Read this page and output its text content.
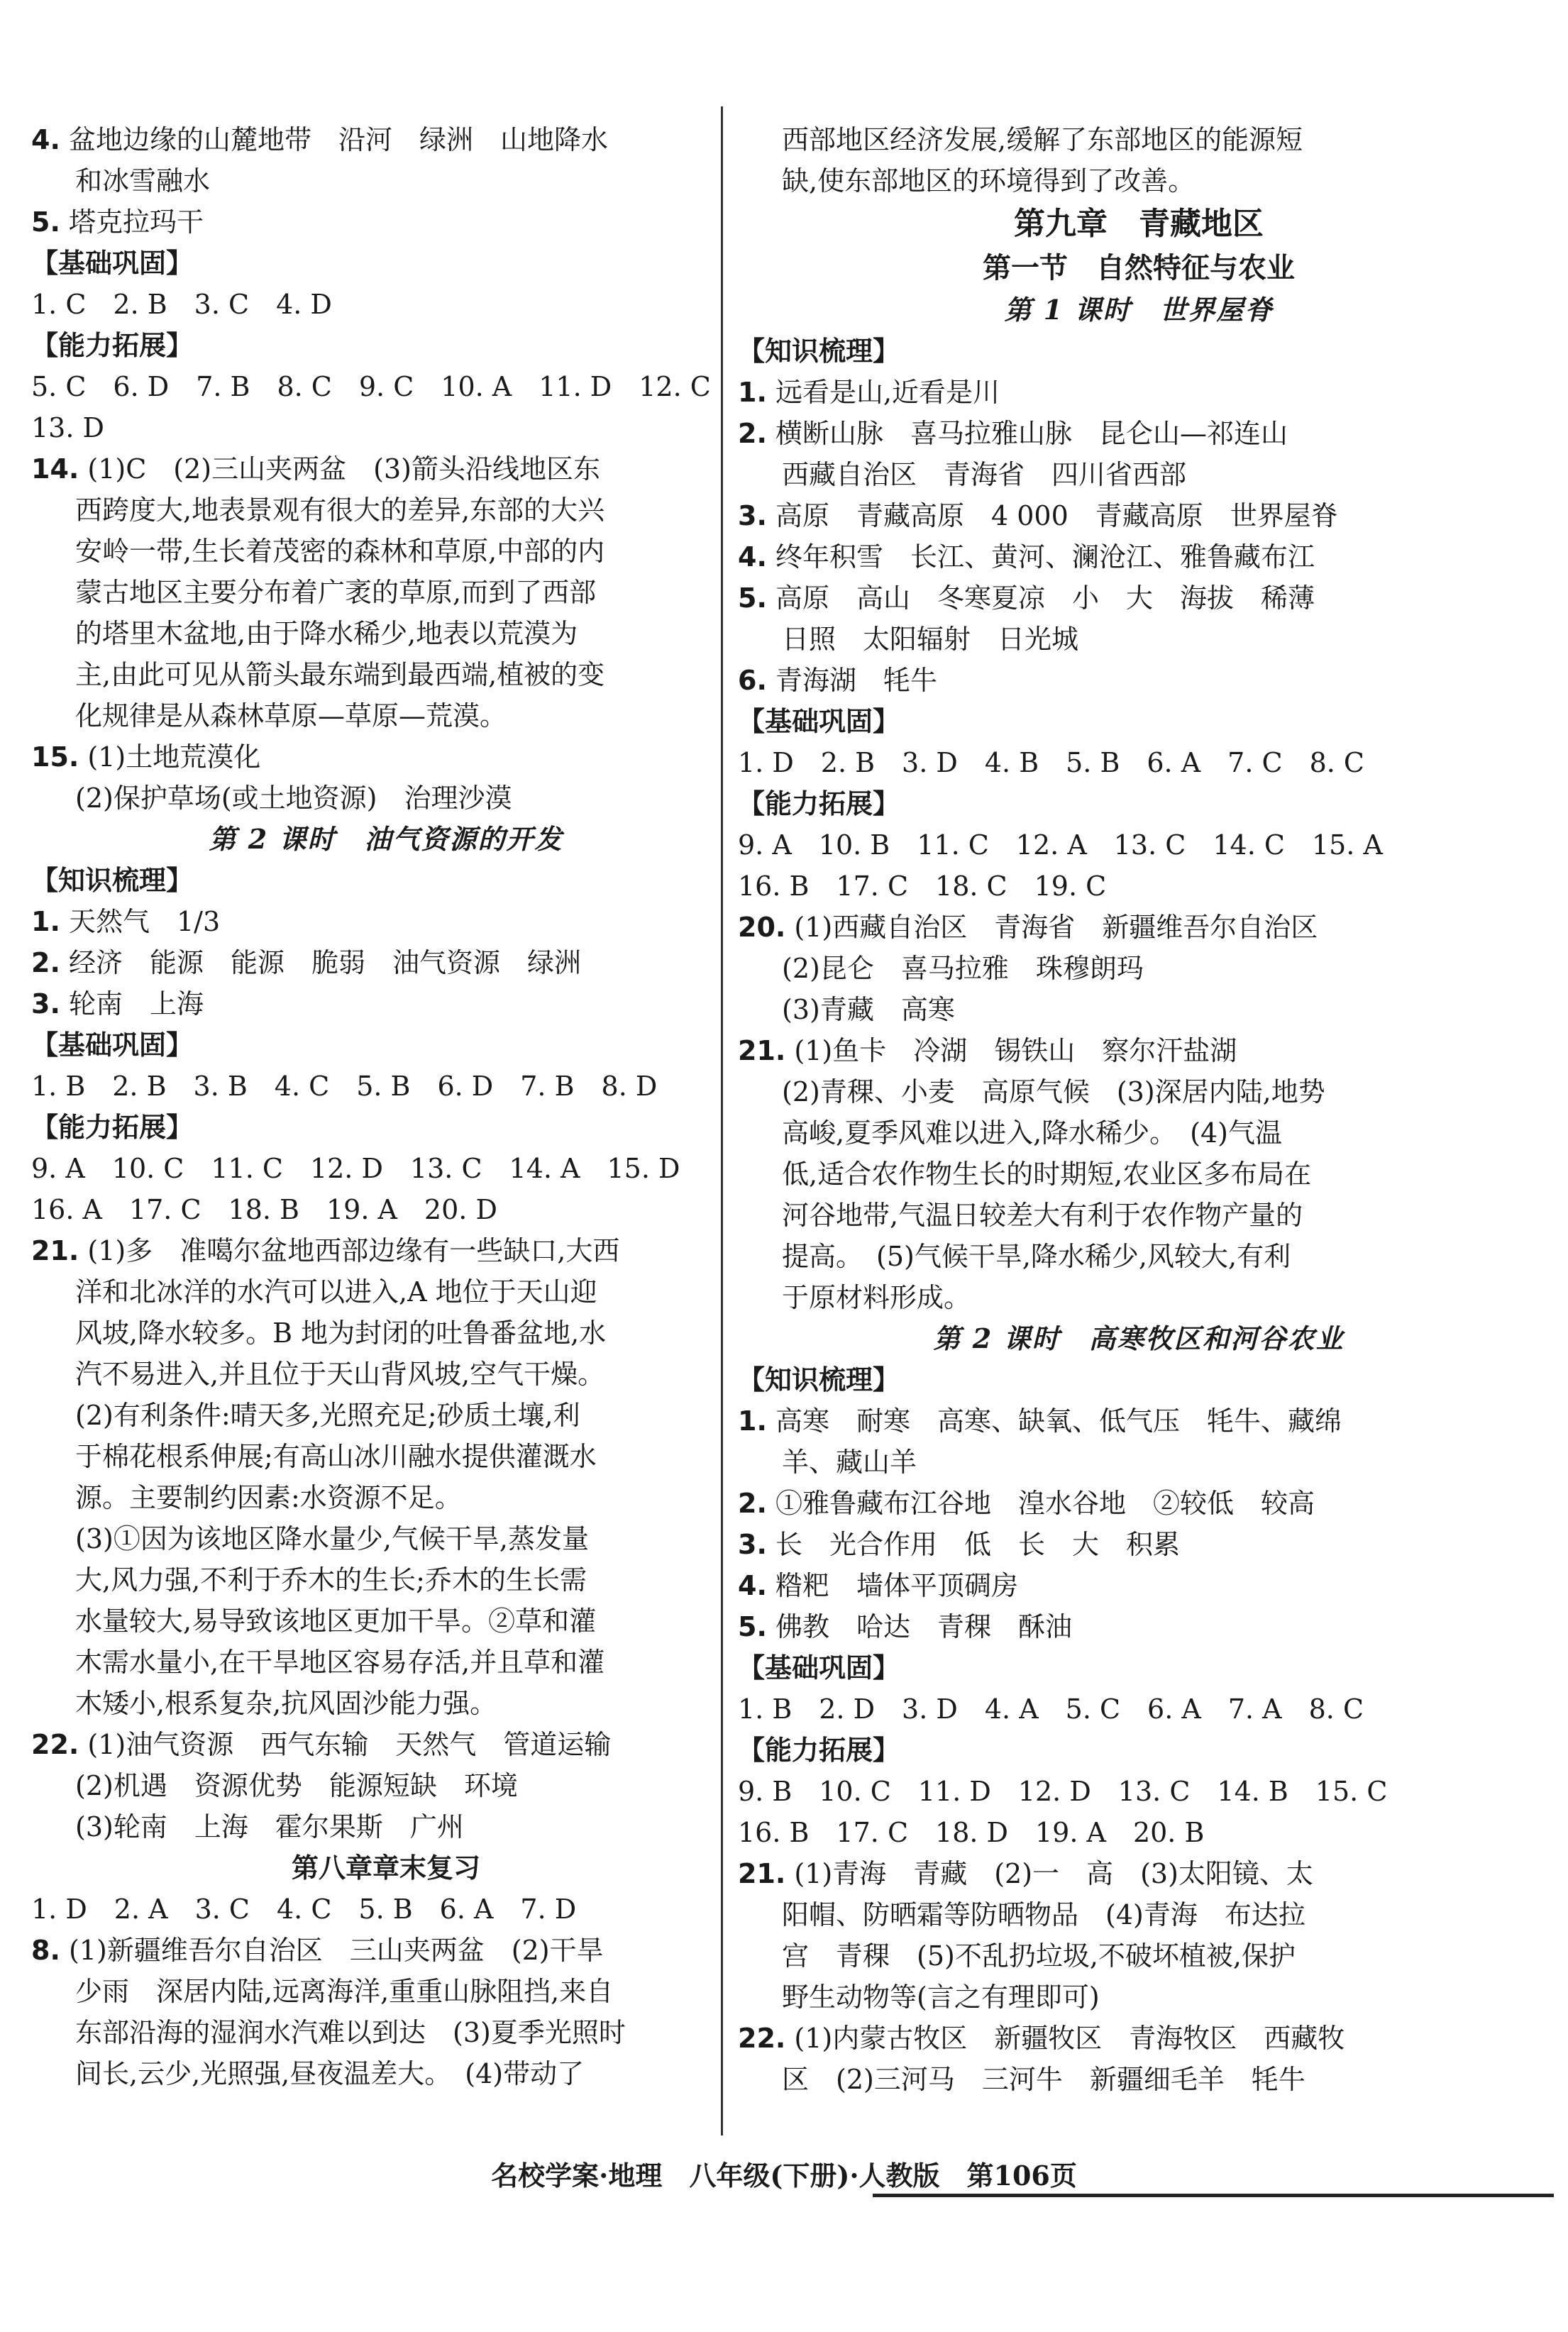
4. 盆地边缘的山麓地带　沿河　绿洲　山地降水
和冰雪融水
5. 塔克拉玛干
【基础巩固】
1. C　2. B　3. C　4. D
【能力拓展】
5. C　6. D　7. B　8. C　9. C　10. A　11. D　12. C
13. D
14. (1)C　(2)三山夹两盆　(3)箭头沿线地区东
西跨度大,地表景观有很大的差异,东部的大兴
安岭一带,生长着茂密的森林和草原,中部的内
蒙古地区主要分布着广袤的草原,而到了西部
的塔里木盆地,由于降水稀少,地表以荒漠为
主,由此可见从箭头最东端到最西端,植被的变
化规律是从森林草原—草原—荒漠。
15. (1)土地荒漠化
(2)保护草场(或土地资源)　治理沙漠
第 2 课时　油气资源的开发
【知识梳理】
1. 天然气　1/3
2. 经济　能源　能源　脆弱　油气资源　绿洲
3. 轮南　上海
【基础巩固】
1. B　2. B　3. B　4. C　5. B　6. D　7. B　8. D
【能力拓展】
9. A　10. C　11. C　12. D　13. C　14. A　15. D
16. A　17. C　18. B　19. A　20. D
21. (1)多　准噶尔盆地西部边缘有一些缺口,大西
洋和北冰洋的水汽可以进入,A 地位于天山迎
风坡,降水较多。B 地为封闭的吐鲁番盆地,水
汽不易进入,并且位于天山背风坡,空气干燥。
(2)有利条件:晴天多,光照充足;砂质土壤,利
于棉花根系伸展;有高山冰川融水提供灌溉水
源。主要制约因素:水资源不足。
(3)①因为该地区降水量少,气候干旱,蒸发量
大,风力强,不利于乔木的生长;乔木的生长需
水量较大,易导致该地区更加干旱。②草和灌
木需水量小,在干旱地区容易存活,并且草和灌
木矮小,根系复杂,抗风固沙能力强。
22. (1)油气资源　西气东输　天然气　管道运输
(2)机遇　资源优势　能源短缺　环境
(3)轮南　上海　霍尔果斯　广州
第八章章末复习
1. D　2. A　3. C　4. C　5. B　6. A　7. D
8. (1)新疆维吾尔自治区　三山夹两盆　(2)干旱
少雨　深居内陆,远离海洋,重重山脉阻挡,来自
东部沿海的湿润水汽难以到达　(3)夏季光照时
间长,云少,光照强,昼夜温差大。　(4)带动了
西部地区经济发展,缓解了东部地区的能源短
缺,使东部地区的环境得到了改善。
第九章　青藏地区
第一节　自然特征与农业
第 1 课时　世界屋脊
【知识梳理】
1. 远看是山,近看是川
2. 横断山脉　喜马拉雅山脉　昆仑山—祁连山
西藏自治区　青海省　四川省西部
3. 高原　青藏高原　4 000　青藏高原　世界屋脊
4. 终年积雪　长江、黄河、澜沧江、雅鲁藏布江
5. 高原　高山　冬寒夏凉　小　大　海拔　稀薄
日照　太阳辐射　日光城
6. 青海湖　牦牛
【基础巩固】
1. D　2. B　3. D　4. B　5. B　6. A　7. C　8. C
【能力拓展】
9. A　10. B　11. C　12. A　13. C　14. C　15. A
16. B　17. C　18. C　19. C
20. (1)西藏自治区　青海省　新疆维吾尔自治区
(2)昆仑　喜马拉雅　珠穆朗玛
(3)青藏　高寒
21. (1)鱼卡　冷湖　锡铁山　察尔汗盐湖
(2)青稞、小麦　高原气候　(3)深居内陆,地势
高峻,夏季风难以进入,降水稀少。　(4)气温
低,适合农作物生长的时期短,农业区多布局在
河谷地带,气温日较差大有利于农作物产量的
提高。　(5)气候干旱,降水稀少,风较大,有利
于原材料形成。
第 2 课时　高寒牧区和河谷农业
【知识梳理】
1. 高寒　耐寒　高寒、缺氧、低气压　牦牛、藏绵
羊、藏山羊
2. ①雅鲁藏布江谷地　湟水谷地　②较低　较高
3. 长　光合作用　低　长　大　积累
4. 糌粑　墙体平顶碉房
5. 佛教　哈达　青稞　酥油
【基础巩固】
1. B　2. D　3. D　4. A　5. C　6. A　7. A　8. C
【能力拓展】
9. B　10. C　11. D　12. D　13. C　14. B　15. C
16. B　17. C　18. D　19. A　20. B
21. (1)青海　青藏　(2)一　高　(3)太阳镜、太
阳帽、防晒霜等防晒物品　(4)青海　布达拉
宫　青稞　(5)不乱扔垃圾,不破坏植被,保护
野生动物等(言之有理即可)
22. (1)内蒙古牧区　新疆牧区　青海牧区　西藏牧
区　(2)三河马　三河牛　新疆细毛羊　牦牛
名校学案·地理　八年级(下册)·人教版　第106页
